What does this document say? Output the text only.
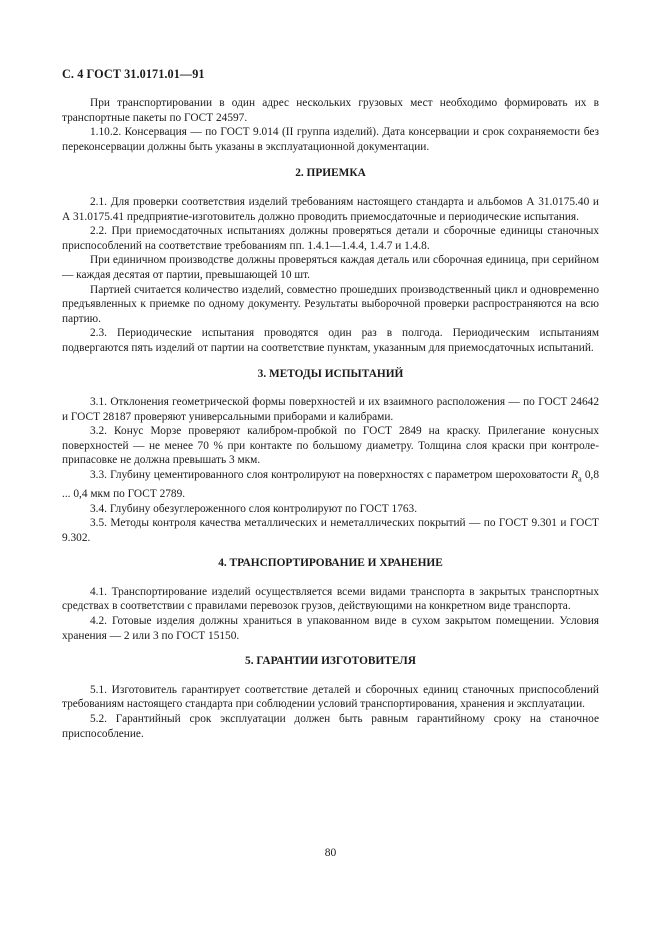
С. 4 ГОСТ 31.0171.01—91

При транспортировании в один адрес нескольких грузовых мест необходимо формировать их в транспортные пакеты по ГОСТ 24597.

1.10.2. Консервация — по ГОСТ 9.014 (II группа изделий). Дата консервации и срок сохраняемости без переконсервации должны быть указаны в эксплуатационной документации.

2. ПРИЕМКА

2.1. Для проверки соответствия изделий требованиям настоящего стандарта и альбомов А 31.0175.40 и А 31.0175.41 предприятие-изготовитель должно проводить приемосдаточные и периодические испытания.

2.2. При приемосдаточных испытаниях должны проверяться детали и сборочные единицы станочных приспособлений на соответствие требованиям пп. 1.4.1—1.4.4, 1.4.7 и 1.4.8.

При единичном производстве должны проверяться каждая деталь или сборочная единица, при серийном — каждая десятая от партии, превышающей 10 шт.

Партией считается количество изделий, совместно прошедших производственный цикл и одновременно предъявленных к приемке по одному документу. Результаты выборочной проверки распространяются на всю партию.

2.3. Периодические испытания проводятся один раз в полгода. Периодическим испытаниям подвергаются пять изделий от партии на соответствие пунктам, указанным для приемосдаточных испытаний.

3. МЕТОДЫ ИСПЫТАНИЙ

3.1. Отклонения геометрической формы поверхностей и их взаимного расположения — по ГОСТ 24642 и ГОСТ 28187 проверяют универсальными приборами и калибрами.

3.2. Конус Морзе проверяют калибром-пробкой по ГОСТ 2849 на краску. Прилегание конусных поверхностей — не менее 70 % при контакте по большому диаметру. Толщина слоя краски при контроле-припасовке не должна превышать 3 мкм.

3.3. Глубину цементированного слоя контролируют на поверхностях с параметром шероховатости $R_a$ 0,8 ... 0,4 мкм по ГОСТ 2789.

3.4. Глубину обезуглероженного слоя контролируют по ГОСТ 1763.

3.5. Методы контроля качества металлических и неметаллических покрытий — по ГОСТ 9.301 и ГОСТ 9.302.

4. ТРАНСПОРТИРОВАНИЕ И ХРАНЕНИЕ

4.1. Транспортирование изделий осуществляется всеми видами транспорта в закрытых транспортных средствах в соответствии с правилами перевозок грузов, действующими на конкретном виде транспорта.

4.2. Готовые изделия должны храниться в упакованном виде в сухом закрытом помещении. Условия хранения — 2 или 3 по ГОСТ 15150.

5. ГАРАНТИИ ИЗГОТОВИТЕЛЯ

5.1. Изготовитель гарантирует соответствие деталей и сборочных единиц станочных приспособлений требованиям настоящего стандарта при соблюдении условий транспортирования, хранения и эксплуатации.

5.2. Гарантийный срок эксплуатации должен быть равным гарантийному сроку на станочное приспособление.

80
